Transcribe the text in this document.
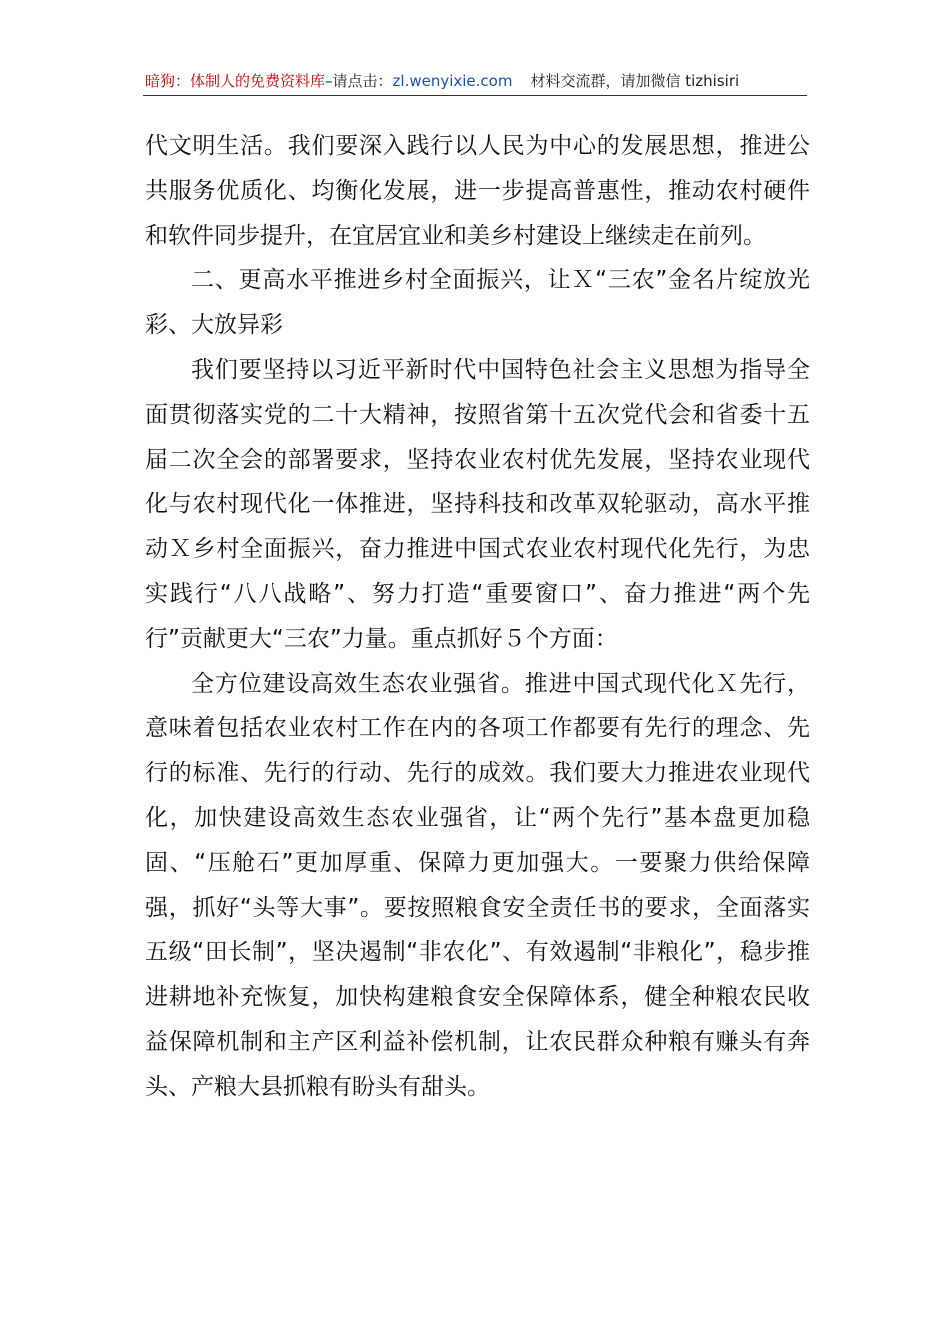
暗狗：体制人的免费资料库–请点击：zl.wenyixie.com 材料交流群，请加微信 tizhisiri

代文明生活。我们要深入践行以人民为中心的发展思想，推进公共服务优质化、均衡化发展，进一步提高普惠性，推动农村硬件和软件同步提升，在宜居宜业和美乡村建设上继续走在前列。

二、更高水平推进乡村全面振兴，让Ｘ“三农”金名片绽放光彩、大放异彩

我们要坚持以习近平新时代中国特色社会主义思想为指导全面贯彻落实党的二十大精神，按照省第十五次党代会和省委十五届二次全会的部署要求，坚持农业农村优先发展，坚持农业现代化与农村现代化一体推进，坚持科技和改革双轮驱动，高水平推动Ｘ乡村全面振兴，奋力推进中国式农业农村现代化先行，为忠实践行“八八战略”、努力打造“重要窗口”、奋力推进“两个先行”贡献更大“三农”力量。重点抓好５个方面：

全方位建设高效生态农业强省。推进中国式现代化Ｘ先行，意味着包括农业农村工作在内的各项工作都要有先行的理念、先行的标准、先行的行动、先行的成效。我们要大力推进农业现代化，加快建设高效生态农业强省，让“两个先行”基本盘更加稳固、“压舱石”更加厚重、保障力更加强大。一要聚力供给保障强，抓好“头等大事”。要按照粮食安全责任书的要求，全面落实五级“田长制”，坚决遏制“非农化”、有效遏制“非粮化”，稳步推进耕地补充恢复，加快构建粮食安全保障体系，健全种粮农民收益保障机制和主产区利益补偿机制，让农民群众种粮有赚头有奔头、产粮大县抓粮有盼头有甜头。
